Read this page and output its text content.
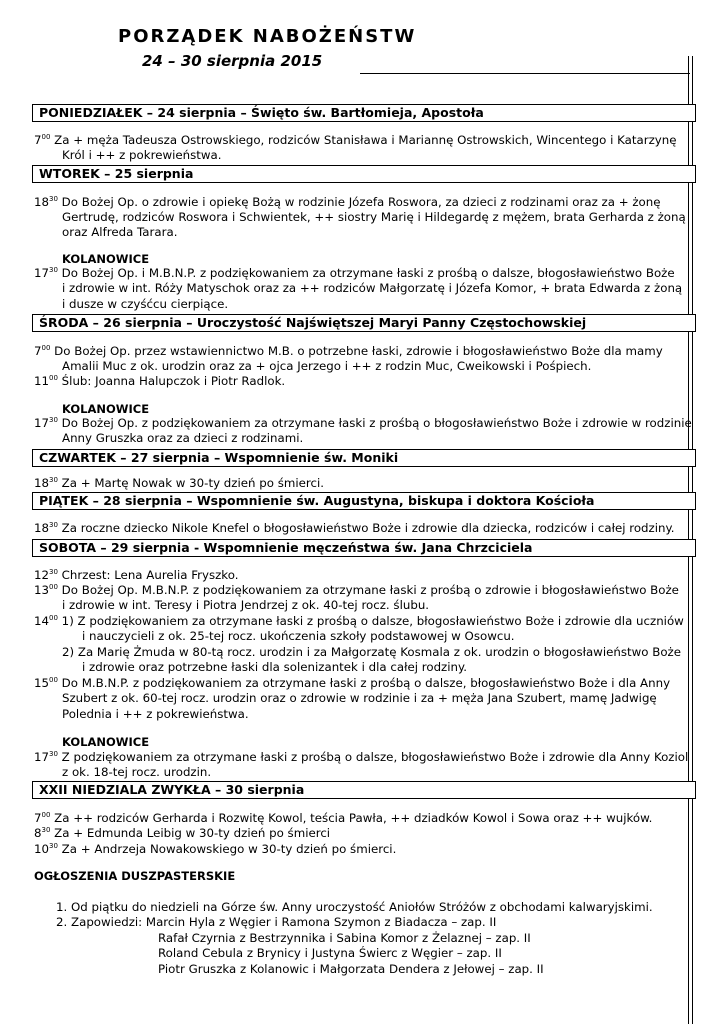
PORZĄDEK NABOŻEŃSTW
24 – 30 sierpnia 2015
PONIEDZIAŁEK – 24 sierpnia – Święto św. Bartłomieja, Apostoła
$7^{00}$ Za + męża Tadeusza Ostrowskiego, rodziców Stanisława i Mariannę Ostrowskich, Wincentego i Katarzynę
Król i ++ z pokrewieństwa.
WTOREK – 25 sierpnia
$18^{30}$ Do Bożej Op. o zdrowie i opiekę Bożą w rodzinie Józefa Roswora, za dzieci z rodzinami oraz za + żonę
Gertrudę, rodziców Roswora i Schwientek, ++ siostry Marię i Hildegardę z mężem, brata Gerharda z żoną
oraz Alfreda Tarara.
KOLANOWICE
$17^{30}$ Do Bożej Op. i M.B.N.P. z podziękowaniem za otrzymane łaski z prośbą o dalsze, błogosławieństwo Boże
i zdrowie w int. Róży Matyschok oraz za ++ rodziców Małgorzatę i Józefa Komor, + brata Edwarda z żoną
i dusze w czyśćcu cierpiące.
ŚRODA – 26 sierpnia – Uroczystość Najświętszej Maryi Panny Częstochowskiej
$7^{00}$ Do Bożej Op. przez wstawiennictwo M.B. o potrzebne łaski, zdrowie i błogosławieństwo Boże dla mamy
Amalii Muc z ok. urodzin oraz za + ojca Jerzego i ++ z rodzin Muc, Cweikowski i Pośpiech.
$11^{00}$ Ślub: Joanna Halupczok i Piotr Radlok.
KOLANOWICE
$17^{30}$ Do Bożej Op. z podziękowaniem za otrzymane łaski z prośbą o błogosławieństwo Boże i zdrowie w rodzinie
Anny Gruszka oraz za dzieci z rodzinami.
CZWARTEK – 27 sierpnia – Wspomnienie św. Moniki
$18^{30}$ Za + Martę Nowak w 30-ty dzień po śmierci.
PIĄTEK – 28 sierpnia – Wspomnienie św. Augustyna, biskupa i doktora Kościoła
$18^{30}$ Za roczne dziecko Nikole Knefel o błogosławieństwo Boże i zdrowie dla dziecka, rodziców i całej rodziny.
SOBOTA – 29 sierpnia - Wspomnienie męczeństwa św. Jana Chrzciciela
$12^{30}$ Chrzest: Lena Aurelia Fryszko.
$13^{00}$ Do Bożej Op. M.B.N.P. z podziękowaniem za otrzymane łaski z prośbą o zdrowie i błogosławieństwo Boże
i zdrowie w int. Teresy i Piotra Jendrzej z ok. 40-tej rocz. ślubu.
$14^{00}$ 1) Z podziękowaniem za otrzymane łaski z prośbą o dalsze, błogosławieństwo Boże i zdrowie dla uczniów
i nauczycieli z ok. 25-tej rocz. ukończenia szkoły podstawowej w Osowcu.
2) Za Marię Żmuda w 80-tą rocz. urodzin i za Małgorzatę Kosmala z ok. urodzin o błogosławieństwo Boże
i zdrowie oraz potrzebne łaski dla solenizantek i dla całej rodziny.
$15^{00}$ Do M.B.N.P. z podziękowaniem za otrzymane łaski z prośbą o dalsze, błogosławieństwo Boże i dla Anny
Szubert z ok. 60-tej rocz. urodzin oraz o zdrowie w rodzinie i za + męża Jana Szubert, mamę Jadwigę
Polednia i ++ z pokrewieństwa.
KOLANOWICE
$17^{30}$ Z podziękowaniem za otrzymane łaski z prośbą o dalsze, błogosławieństwo Boże i zdrowie dla Anny Koziol
z ok. 18-tej rocz. urodzin.
XXII NIEDZIALA ZWYKŁA – 30 sierpnia
$7^{00}$ Za ++ rodziców Gerharda i Rozwitę Kowol, teścia Pawła, ++ dziadków Kowol i Sowa oraz ++ wujków.
$8^{30}$ Za + Edmunda Leibig w 30-ty dzień po śmierci
$10^{30}$ Za + Andrzeja Nowakowskiego w 30-ty dzień po śmierci.
OGŁOSZENIA DUSZPASTERSKIE
1. Od piątku do niedzieli na Górze św. Anny uroczystość Aniołów Stróżów z obchodami kalwaryjskimi.
2. Zapowiedzi: Marcin Hyla z Węgier i Ramona Szymon z Biadacza – zap. II
Rafał Czyrnia z Bestrzynnika i Sabina Komor z Żelaznej – zap. II
Roland Cebula z Brynicy i Justyna Świerc z Węgier – zap. II
Piotr Gruszka z Kolanowic i Małgorzata Dendera z Jełowej – zap. II
